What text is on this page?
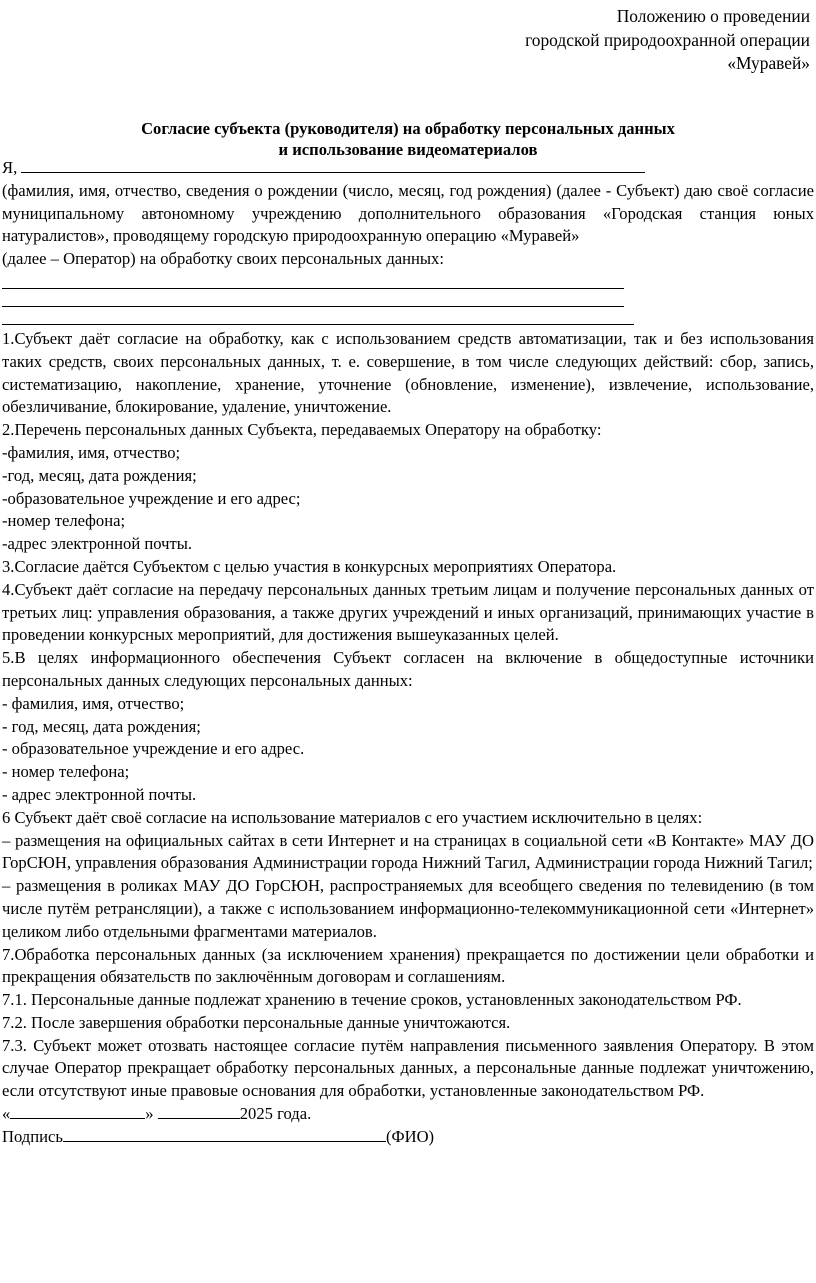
Положению о проведении
городской природоохранной операции
«Муравей»
Согласие субъекта (руководителя) на обработку персональных данных
и использование видеоматериалов
Я,

(фамилия, имя, отчество, сведения о рождении (число, месяц, год рождения) (далее - Субъект) даю своё согласие муниципальному автономному учреждению дополнительного образования «Городская станция юных натуралистов», проводящему городскую природоохранную операцию «Муравей»

(далее – Оператор) на обработку своих персональных данных:

1.Субъект даёт согласие на обработку, как с использованием средств автоматизации, так и без использования таких средств, своих персональных данных, т. е. совершение, в том числе следующих действий: сбор, запись, систематизацию, накопление, хранение, уточнение (обновление, изменение), извлечение, использование, обезличивание, блокирование, удаление, уничтожение.

2.Перечень персональных данных Субъекта, передаваемых Оператору на обработку:

-фамилия, имя, отчество;
-год, месяц, дата рождения;
-образовательное учреждение и его адрес;
-номер телефона;
-адрес электронной почты.

3.Согласие даётся Субъектом с целью участия в конкурсных мероприятиях Оператора.

4.Субъект даёт согласие на передачу персональных данных третьим лицам и получение персональных данных от третьих лиц: управления образования, а также других учреждений и иных организаций, принимающих участие в проведении конкурсных мероприятий, для достижения вышеуказанных целей.

5.В целях информационного обеспечения Субъект согласен на включение в общедоступные источники персональных данных следующих персональных данных:

- фамилия, имя, отчество;
- год, месяц, дата рождения;
- образовательное учреждение и его адрес.
- номер телефона;
- адрес электронной почты.

6 Субъект даёт своё согласие на использование материалов с его участием исключительно в целях:

– размещения на официальных сайтах в сети Интернет и на страницах в социальной сети «В Контакте» МАУ ДО ГорСЮН, управления образования Администрации города Нижний Тагил, Администрации города Нижний Тагил;

– размещения в роликах МАУ ДО ГорСЮН, распространяемых для всеобщего сведения по телевидению (в том числе путём ретрансляции), а также с использованием информационно-телекоммуникационной сети «Интернет» целиком либо отдельными фрагментами материалов.

7.Обработка персональных данных (за исключением хранения) прекращается по достижении цели обработки и прекращения обязательств по заключённым договорам и соглашениям.

7.1. Персональные данные подлежат хранению в течение сроков, установленных законодательством РФ.

7.2. После завершения обработки персональные данные уничтожаются.

7.3. Субъект может отозвать настоящее согласие путём направления письменного заявления Оператору. В этом случае Оператор прекращает обработку персональных данных, а персональные данные подлежат уничтожению, если отсутствуют иные правовые основания для обработки, установленные законодательством РФ.

«	»	2025 года.
Подпись	(ФИО)
